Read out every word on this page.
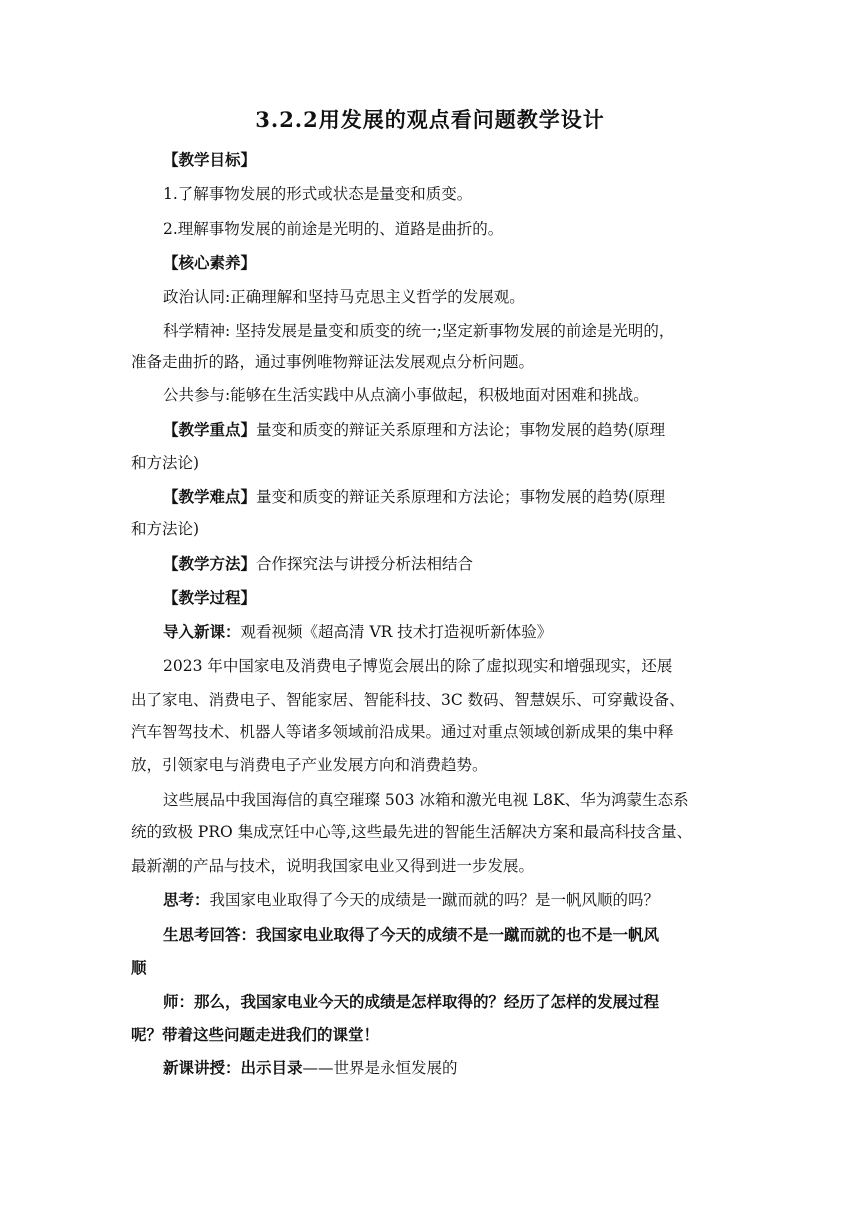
3.2.2用发展的观点看问题教学设计

【教学目标】

1.了解事物发展的形式或状态是量变和质变。

2.理解事物发展的前途是光明的、道路是曲折的。

【核心素养】

政治认同:正确理解和坚持马克思主义哲学的发展观。

科学精神: 坚持发展是量变和质变的统一;坚定新事物发展的前途是光明的，

准备走曲折的路，通过事例唯物辩证法发展观点分析问题。

公共参与:能够在生活实践中从点滴小事做起，积极地面对困难和挑战。

【教学重点】量变和质变的辩证关系原理和方法论；事物发展的趋势(原理

和方法论)

【教学难点】量变和质变的辩证关系原理和方法论；事物发展的趋势(原理

和方法论)

【教学方法】合作探究法与讲授分析法相结合

【教学过程】

导入新课：观看视频《超高清 VR 技术打造视听新体验》

2023 年中国家电及消费电子博览会展出的除了虚拟现实和增强现实，还展

出了家电、消费电子、智能家居、智能科技、3C 数码、智慧娱乐、可穿戴设备、

汽车智驾技术、机器人等诸多领域前沿成果。通过对重点领域创新成果的集中释

放，引领家电与消费电子产业发展方向和消费趋势。

这些展品中我国海信的真空璀璨 503 冰箱和激光电视 L8K、华为鸿蒙生态系

统的致极 PRO 集成烹饪中心等,这些最先进的智能生活解决方案和最高科技含量、

最新潮的产品与技术，说明我国家电业又得到进一步发展。

思考：我国家电业取得了今天的成绩是一蹴而就的吗？是一帆风顺的吗？

生思考回答：我国家电业取得了今天的成绩不是一蹴而就的也不是一帆风

顺

师：那么，我国家电业今天的成绩是怎样取得的？经历了怎样的发展过程

呢？带着这些问题走进我们的课堂！

新课讲授：出示目录——世界是永恒发展的
